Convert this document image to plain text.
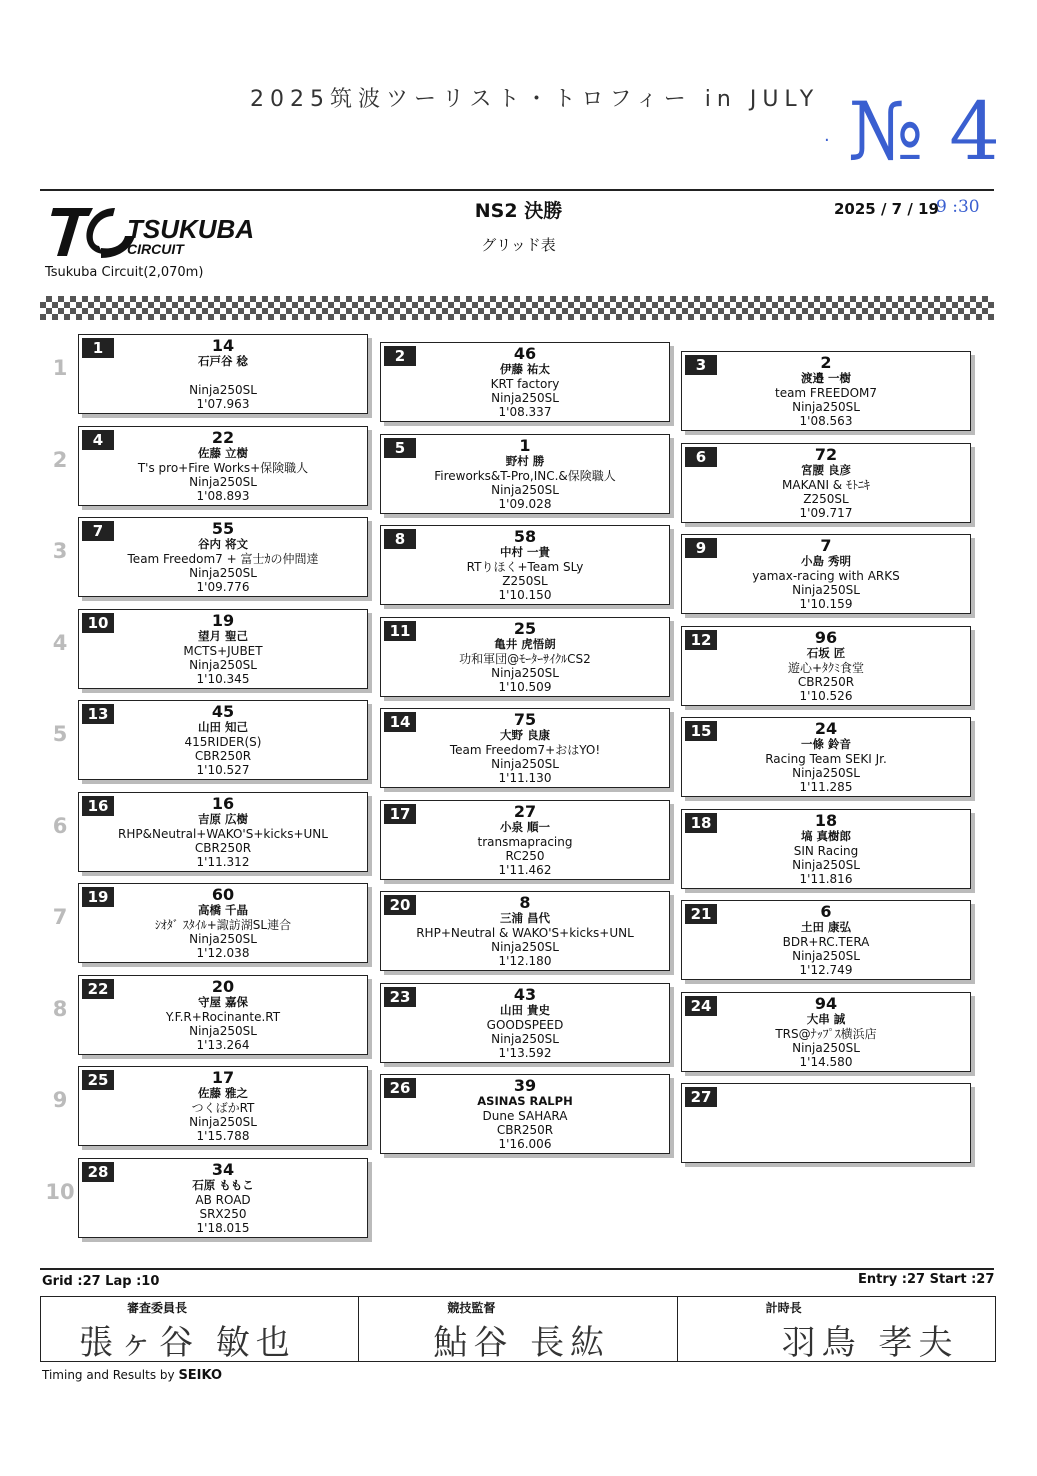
2025筑波ツーリスト・トロフィー in JULY
· № 4
TSUKUBA
CIRCUIT
Tsukuba Circuit(2,070m)
NS2 決勝
グリッド表
2025 / 7 / 19
9 :30
1
2
3
4
5
6
7
8
9
10
1	14
石戸谷 稔
Ninja250SL
1'07.963
2	46
伊藤 祐太
KRT factory
Ninja250SL
1'08.337
3	2
渡邉 一樹
team FREEDOM7
Ninja250SL
1'08.563
4	22
佐藤 立樹
T's pro+Fire Works+保険職人
Ninja250SL
1'08.893
5	1
野村 勝
Fireworks&T-Pro,INC.&保険職人
Ninja250SL
1'09.028
6	72
宮腰 良彦
MAKANI & ﾓﾄﾆｷ
Z250SL
1'09.717
7	55
谷内 将文
Team Freedom7 + 富士ｶの仲間達
Ninja250SL
1'09.776
8	58
中村 一貴
RTりほく+Team SLy
Z250SL
1'10.150
9	7
小島 秀明
yamax-racing with ARKS
Ninja250SL
1'10.159
10	19
望月 聖己
MCTS+JUBET
Ninja250SL
1'10.345
11	25
亀井 虎悟朗
功和軍団@ﾓｰﾀｰｻｲｸﾙCS2
Ninja250SL
1'10.509
12	96
石坂 匠
遊心+ﾀｸﾐ食堂
CBR250R
1'10.526
13	45
山田 知己
415RIDER(S)
CBR250R
1'10.527
14	75
大野 良康
Team Freedom7+おはYO!
Ninja250SL
1'11.130
15	24
一條 鈴音
Racing Team SEKI Jr.
Ninja250SL
1'11.285
16	16
吉原 広樹
RHP&Neutral+WAKO'S+kicks+UNL
CBR250R
1'11.312
17	27
小泉 順一
transmapracing
RC250
1'11.462
18	18
塙 真樹郎
SIN Racing
Ninja250SL
1'11.816
19	60
高橋 千晶
ｼｵﾀﾞ ｽﾀｲﾙ+諏訪湖SL連合
Ninja250SL
1'12.038
20	8
三浦 昌代
RHP+Neutral & WAKO'S+kicks+UNL
Ninja250SL
1'12.180
21	6
土田 康弘
BDR+RC.TERA
Ninja250SL
1'12.749
22	20
守屋 嘉保
Y.F.R+Rocinante.RT
Ninja250SL
1'13.264
23	43
山田 貴史
GOODSPEED
Ninja250SL
1'13.592
24	94
大串 誠
TRS@ﾅｯﾌﾟｽ横浜店
Ninja250SL
1'14.580
25	17
佐藤 雅之
つくばかRT
Ninja250SL
1'15.788
26	39
ASINAS RALPH
Dune SAHARA
CBR250R
1'16.006
27
28	34
石原 ももこ
AB ROAD
SRX250
1'18.015
Grid :27 Lap :10	Entry :27 Start :27
審査委員長
張ヶ谷 敏也
競技監督
鮎谷 長紘
計時長
羽鳥 孝夫
Timing and Results by SEIKO
